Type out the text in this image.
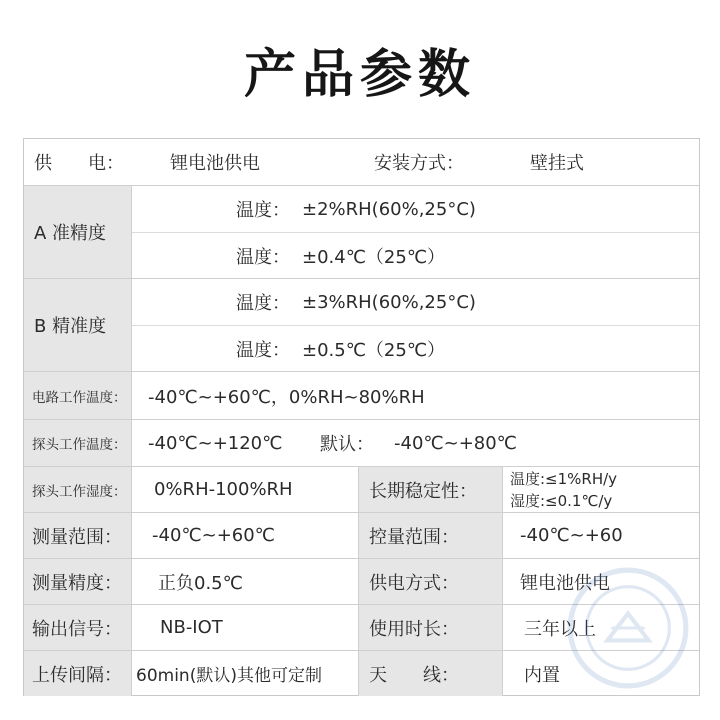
产品参数
供　　电：	锂电池供电	安装方式：	壁挂式
A 准精度
温度： ±2%RH(60%,25°C)
温度： ±0.4℃（25℃）
B 精准度
温度： ±3%RH(60%,25°C)
温度： ±0.5℃（25℃）
电路工作温度：	-40℃~+60℃，0%RH~80%RH
探头工作温度：	-40℃~+120℃	默认：	-40℃~+80℃
探头工作湿度：	0%RH-100%RH	长期稳定性：
温度:≤1%RH/y
湿度:≤0.1℃/y
测量范围：	-40℃~+60℃	控量范围：	-40℃~+60
测量精度：	正负0.5℃	供电方式：	锂电池供电
输出信号：	NB-IOT	使用时长：	三年以上
上传间隔： 60min(默认)其他可定制	天　　线：	内置
